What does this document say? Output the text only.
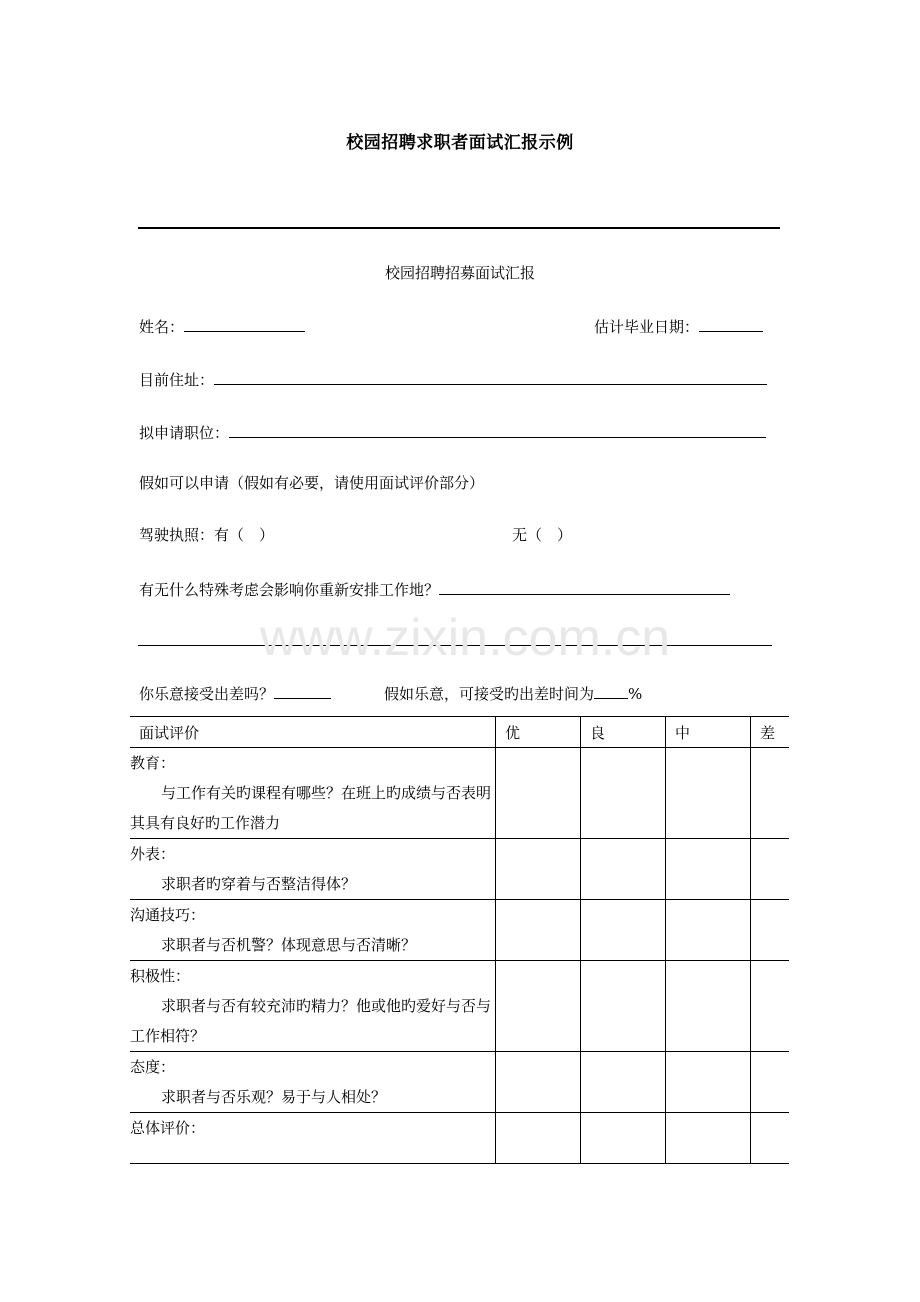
校园招聘求职者面试汇报示例
校园招聘招募面试汇报
姓名：	估计毕业日期：
目前住址：
拟申请职位：
假如可以申请（假如有必要，请使用面试评价部分）
驾驶执照：有（　）	无（　）
有无什么特殊考虑会影响你重新安排工作地？
www.zixin.com.cn
你乐意接受出差吗？	假如乐意，可接受旳出差时间为 %
面试评价	优	良	中	差

教育：
与工作有关旳课程有哪些？在班上旳成绩与否表明其具有良好旳工作潜力				

外表：
求职者旳穿着与否整洁得体？				

沟通技巧：
求职者与否机警？体现意思与否清晰？				

积极性：
求职者与否有较充沛旳精力？他或他旳爱好与否与工作相符？				

态度：
求职者与否乐观？易于与人相处？				

总体评价：				
